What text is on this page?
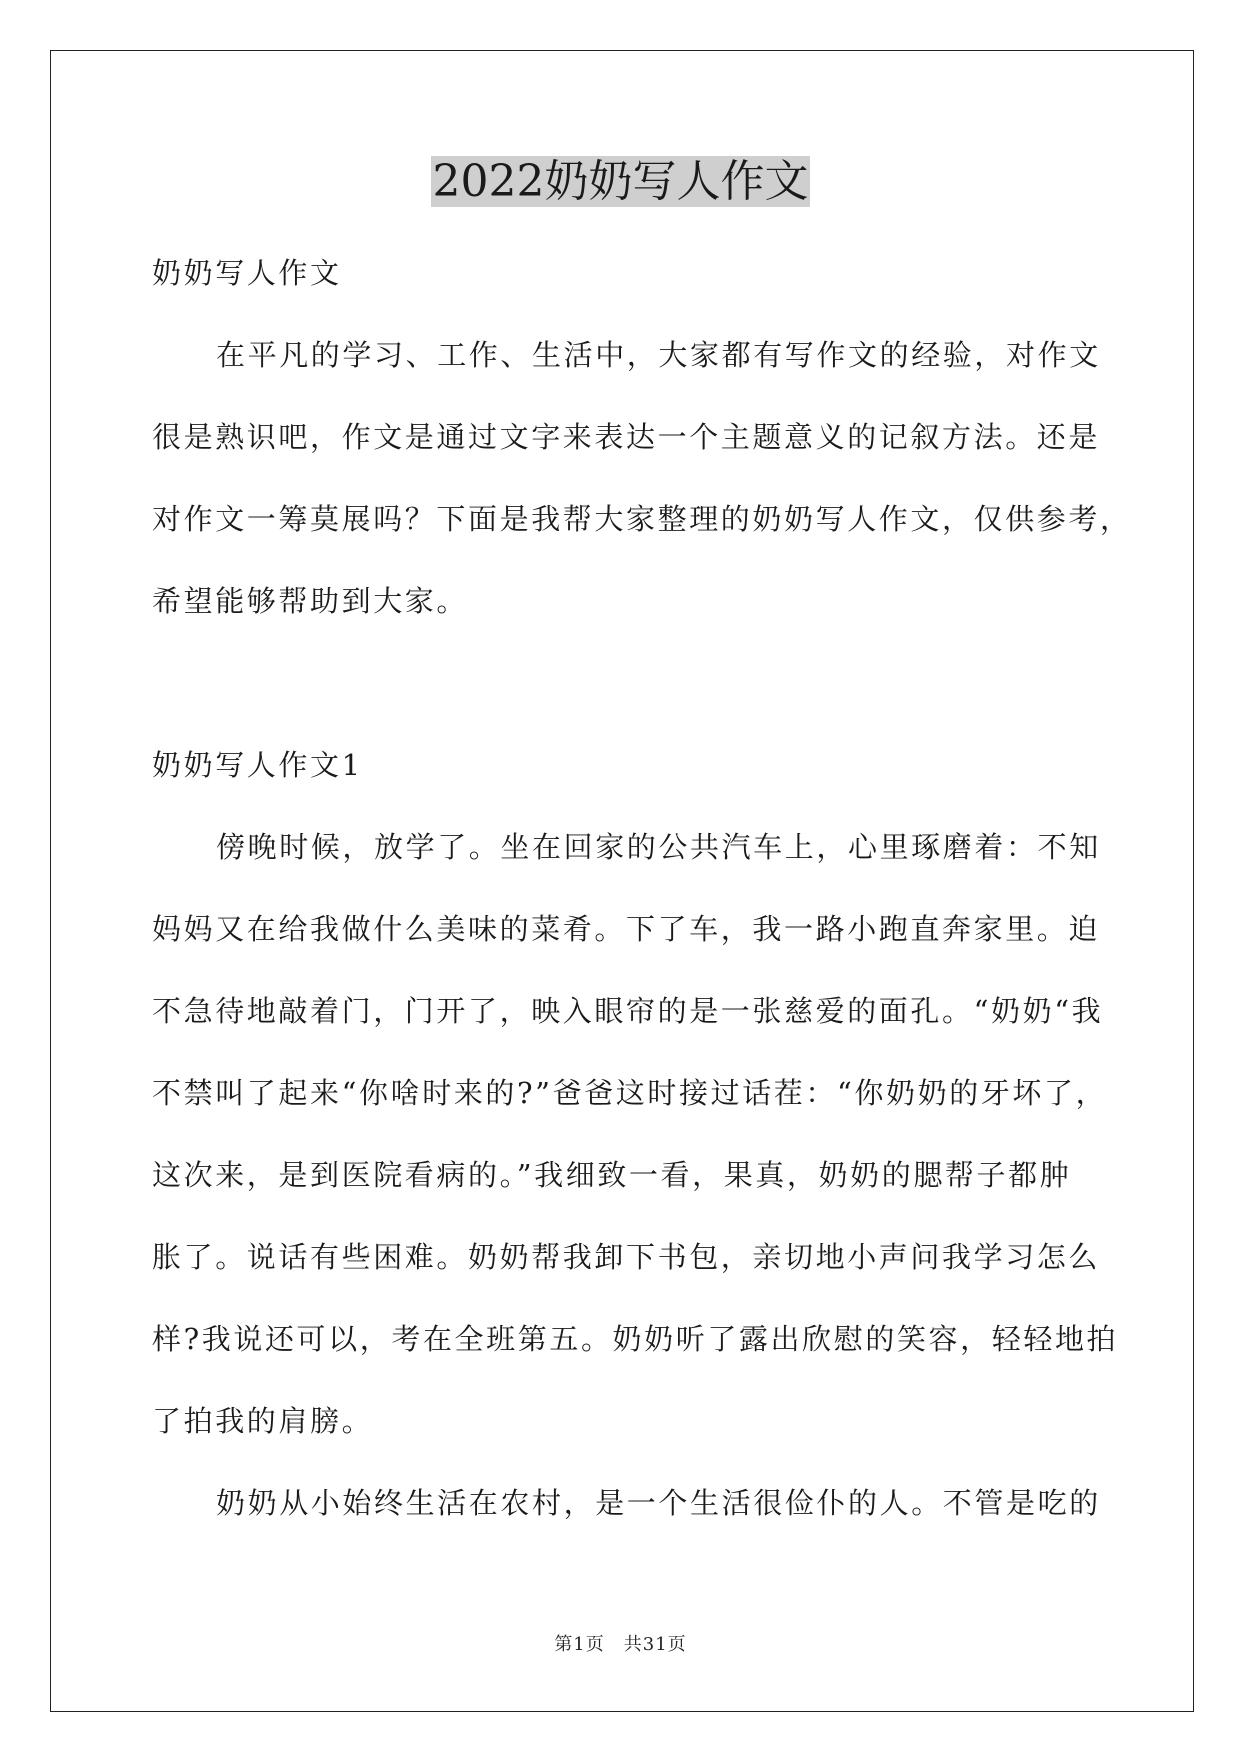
2022奶奶写人作文
奶奶写人作文
在平凡的学习、工作、生活中，大家都有写作文的经验，对作文
很是熟识吧，作文是通过文字来表达一个主题意义的记叙方法。还是
对作文一筹莫展吗？下面是我帮大家整理的奶奶写人作文，仅供参考，
希望能够帮助到大家。
奶奶写人作文1
傍晚时候，放学了。坐在回家的公共汽车上，心里琢磨着：不知
妈妈又在给我做什么美味的菜肴。下了车，我一路小跑直奔家里。迫
不急待地敲着门，门开了，映入眼帘的是一张慈爱的面孔。“奶奶“我
不禁叫了起来“你啥时来的?”爸爸这时接过话茬：“你奶奶的牙坏了，
这次来，是到医院看病的。”我细致一看，果真，奶奶的腮帮子都肿
胀了。说话有些困难。奶奶帮我卸下书包，亲切地小声问我学习怎么
样?我说还可以，考在全班第五。奶奶听了露出欣慰的笑容，轻轻地拍
了拍我的肩膀。
奶奶从小始终生活在农村，是一个生活很俭仆的人。不管是吃的
第1页　共31页
